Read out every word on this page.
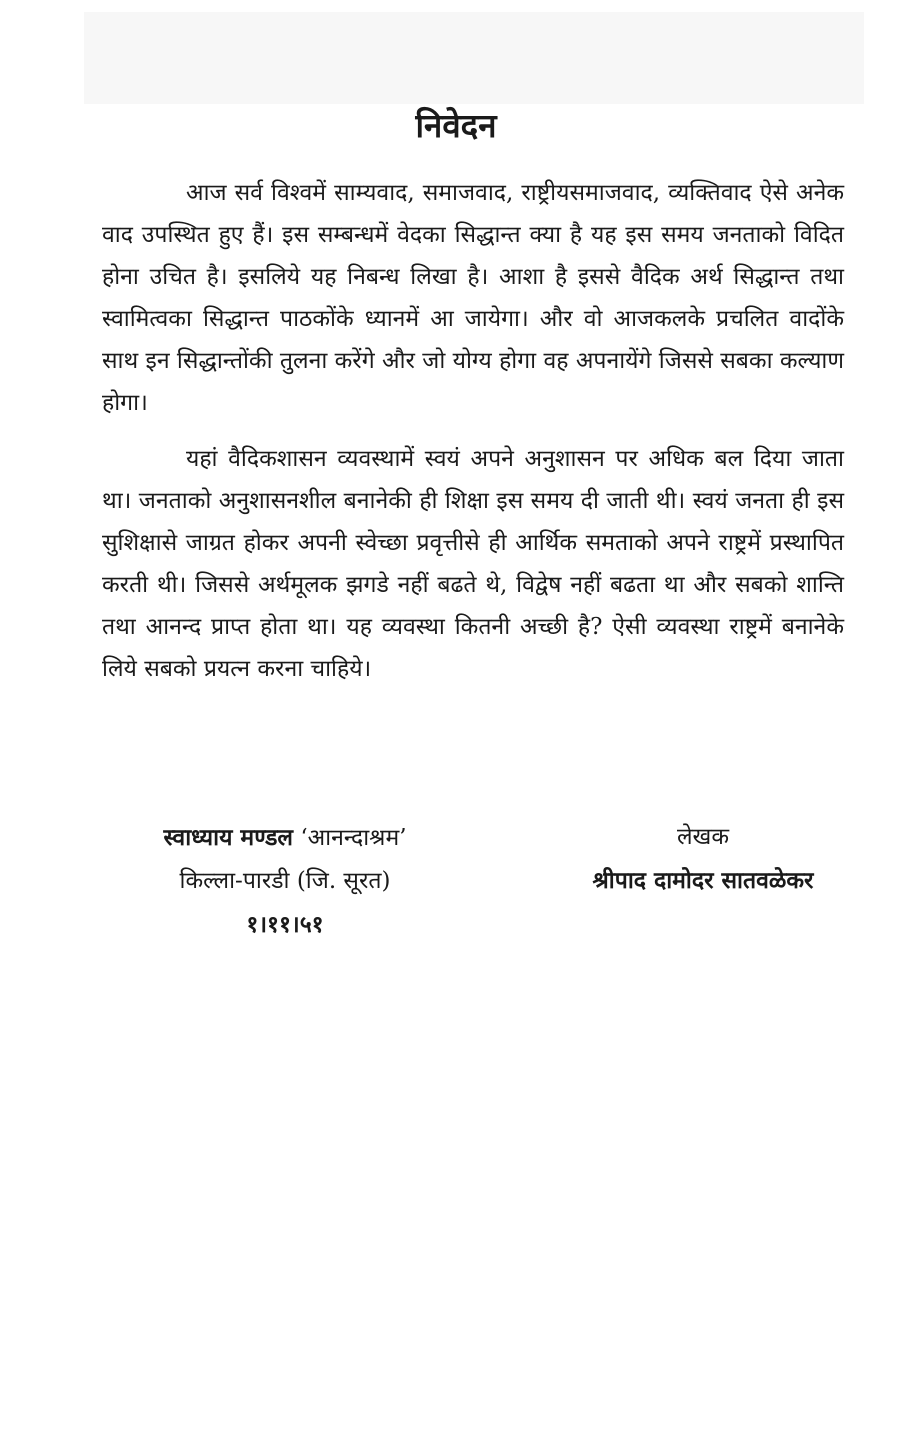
निवेदन

आज सर्व विश्वमें साम्यवाद, समाजवाद, राष्ट्रीयसमाजवाद, व्यक्तिवाद ऐसे अनेक वाद उपस्थित हुए हैं। इस सम्बन्धमें वेदका सिद्धान्त क्या है यह इस समय जनताको विदित होना उचित है। इसलिये यह निबन्ध लिखा है। आशा है इससे वैदिक अर्थ सिद्धान्त तथा स्वामित्वका सिद्धान्त पाठकोंके ध्यानमें आ जायेगा। और वो आजकलके प्रचलित वादोंके साथ इन सिद्धान्तोंकी तुलना करेंगे और जो योग्य होगा वह अपनायेंगे जिससे सबका कल्याण होगा।

यहां वैदिकशासन व्यवस्थामें स्वयं अपने अनुशासन पर अधिक बल दिया जाता था। जनताको अनुशासनशील बनानेकी ही शिक्षा इस समय दी जाती थी। स्वयं जनता ही इस सुशिक्षासे जाग्रत होकर अपनी स्वेच्छा प्रवृत्तीसे ही आर्थिक समताको अपने राष्ट्रमें प्रस्थापित करती थी। जिससे अर्थमूलक झगडे नहीं बढते थे, विद्वेष नहीं बढता था और सबको शान्ति तथा आनन्द प्राप्त होता था। यह व्यवस्था कितनी अच्छी है? ऐसी व्यवस्था राष्ट्रमें बनानेके लिये सबको प्रयत्न करना चाहिये।

स्वाध्याय मण्डल ‘आनन्दाश्रम’
किल्ला-पारडी (जि. सूरत)
१।११।५१
लेखक
श्रीपाद दामोदर सातवळेकर
